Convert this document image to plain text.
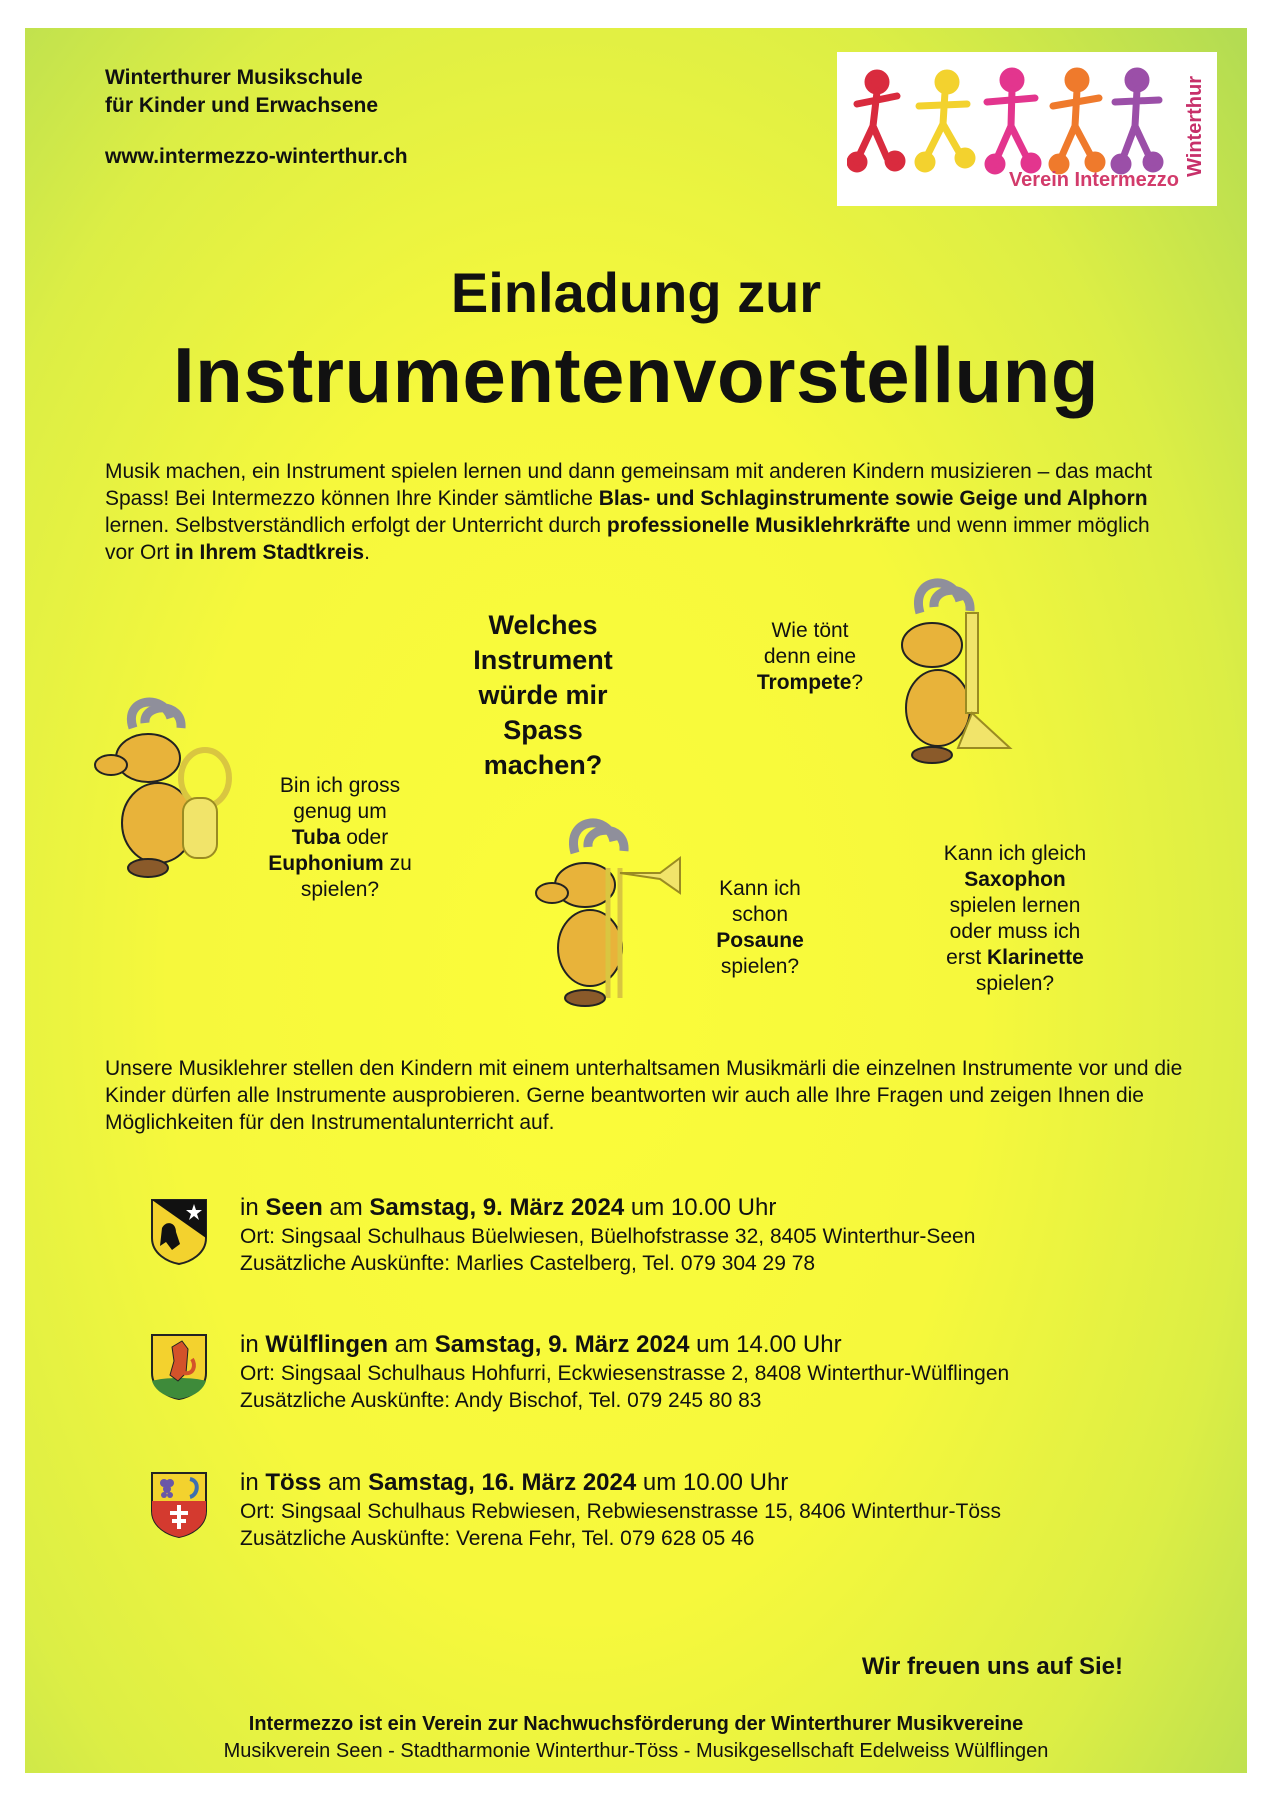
Winterthurer Musikschule
für Kinder und Erwachsene
www.intermezzo-winterthur.ch
Verein Intermezzo
Winterthur
Einladung zur
Instrumentenvorstellung
Musik machen, ein Instrument spielen lernen und dann gemeinsam mit anderen Kindern musizieren – das macht Spass! Bei Intermezzo können Ihre Kinder sämtliche Blas- und Schlaginstrumente sowie Geige und Alphorn lernen. Selbstverständlich erfolgt der Unterricht durch professionelle Musiklehrkräfte und wenn immer möglich vor Ort in Ihrem Stadtkreis.
Welches
Instrument
würde mir
Spass
machen?
Bin ich gross
genug um
Tuba oder
Euphonium zu
spielen?
Wie tönt
denn eine
Trompete?
Kann ich
schon
Posaune
spielen?
Kann ich gleich
Saxophon
spielen lernen
oder muss ich
erst Klarinette
spielen?
Unsere Musiklehrer stellen den Kindern mit einem unterhaltsamen Musikmärli die einzelnen Instrumente vor und die Kinder dürfen alle Instrumente ausprobieren. Gerne beantworten wir auch alle Ihre Fragen und zeigen Ihnen die Möglichkeiten für den Instrumentalunterricht auf.
in Seen am Samstag, 9. März 2024 um 10.00 Uhr
Ort: Singsaal Schulhaus Büelwiesen, Büelhofstrasse 32, 8405 Winterthur-Seen
Zusätzliche Auskünfte: Marlies Castelberg, Tel. 079 304 29 78
in Wülflingen am Samstag, 9. März 2024 um 14.00 Uhr
Ort: Singsaal Schulhaus Hohfurri, Eckwiesenstrasse 2, 8408 Winterthur-Wülflingen
Zusätzliche Auskünfte: Andy Bischof, Tel. 079 245 80 83
in Töss am Samstag, 16. März 2024 um 10.00 Uhr
Ort: Singsaal Schulhaus Rebwiesen, Rebwiesenstrasse 15, 8406 Winterthur-Töss
Zusätzliche Auskünfte: Verena Fehr, Tel. 079 628 05 46
Wir freuen uns auf Sie!
Intermezzo ist ein Verein zur Nachwuchsförderung der Winterthurer Musikvereine
Musikverein Seen - Stadtharmonie Winterthur-Töss - Musikgesellschaft Edelweiss Wülflingen
